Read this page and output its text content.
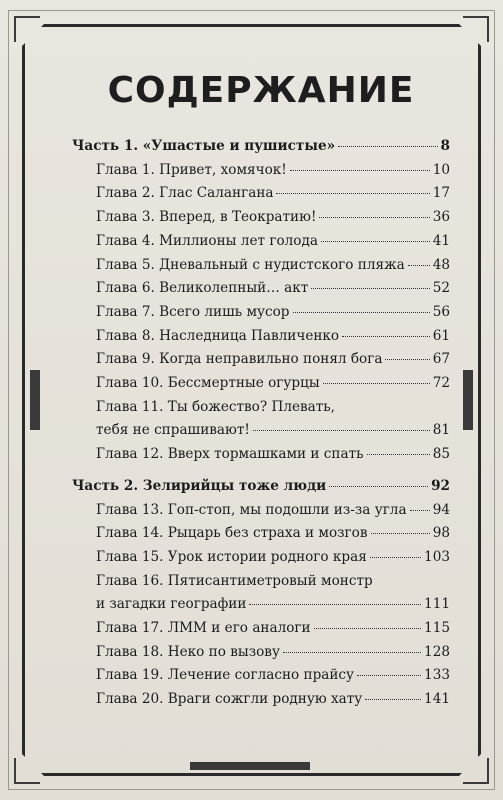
СОДЕРЖАНИЕ
Часть 1. «Ушастые и пушистые»	8
Глава 1. Привет, хомячок!	10
Глава 2. Глас Салангана	17
Глава 3. Вперед, в Теократию!	36
Глава 4. Миллионы лет голода	41
Глава 5. Дневальный с нудистского пляжа 48
Глава 6. Великолепный… акт	52
Глава 7. Всего лишь мусор	56
Глава 8. Наследница Павличенко	61
Глава 9. Когда неправильно понял бога	67
Глава 10. Бессмертные огурцы	72
Глава 11. Ты божество? Плевать,
тебя не спрашивают!	81
Глава 12. Вверх тормашками и спать	85
Часть 2. Зелирийцы тоже люди	92
Глава 13. Гоп-стоп, мы подошли из-за угла 94
Глава 14. Рыцарь без страха и мозгов	98
Глава 15. Урок истории родного края	103
Глава 16. Пятисантиметровый монстр
и загадки географии	111
Глава 17. ЛММ и его аналоги	115
Глава 18. Неко по вызову	128
Глава 19. Лечение согласно прайсу	133
Глава 20. Враги сожгли родную хату	141
